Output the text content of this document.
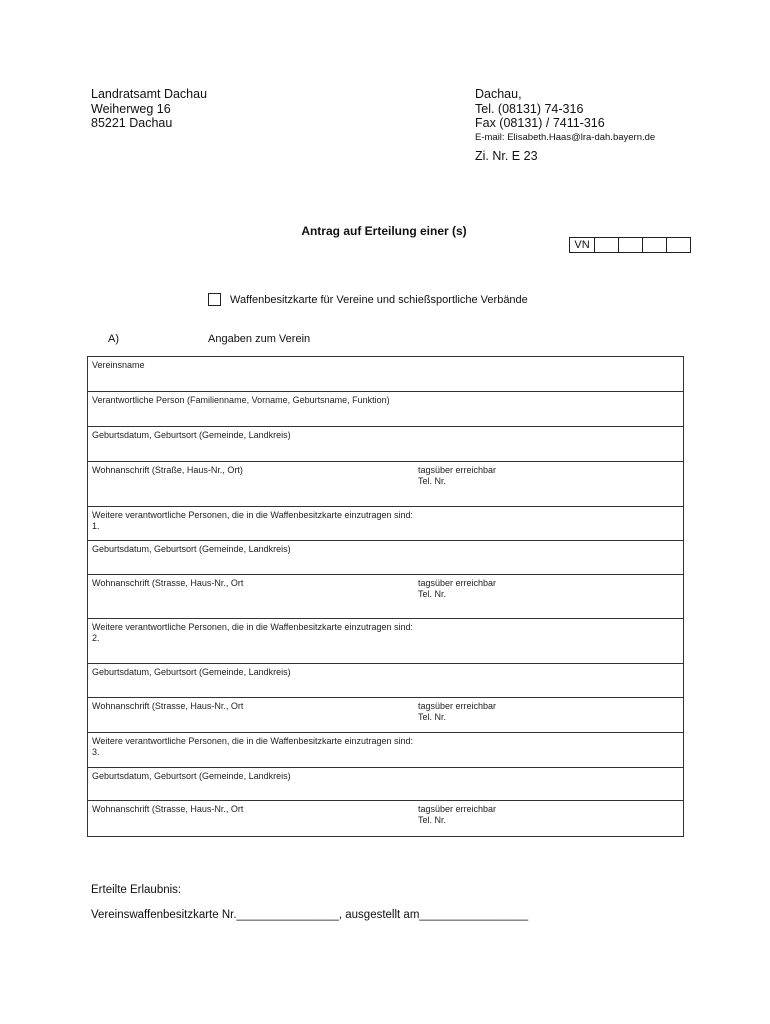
Landratsamt Dachau
Weiherweg 16
85221 Dachau
Dachau,
Tel. (08131) 74-316
Fax (08131) / 7411-316
E-mail: Elisabeth.Haas@lra-dah.bayern.de
Zi. Nr. E 23
Antrag auf Erteilung einer (s)
VN
Waffenbesitzkarte für Vereine und schießsportliche Verbände
A)	Angaben zum Verein
Vereinsname
Verantwortliche Person (Familienname, Vorname, Geburtsname, Funktion)
Geburtsdatum, Geburtsort (Gemeinde, Landkreis)
Wohnanschrift (Straße, Haus-Nr., Ort)	tagsüber erreichbar
Tel. Nr.
Weitere verantwortliche Personen, die in die Waffenbesitzkarte einzutragen sind:
1.
Geburtsdatum, Geburtsort (Gemeinde, Landkreis)
Wohnanschrift (Strasse, Haus-Nr., Ort	tagsüber erreichbar
Tel. Nr.
Weitere verantwortliche Personen, die in die Waffenbesitzkarte einzutragen sind:
2.
Geburtsdatum, Geburtsort (Gemeinde, Landkreis)
Wohnanschrift (Strasse, Haus-Nr., Ort	tagsüber erreichbar
Tel. Nr.
Weitere verantwortliche Personen, die in die Waffenbesitzkarte einzutragen sind:
3.
Geburtsdatum, Geburtsort (Gemeinde, Landkreis)
Wohnanschrift (Strasse, Haus-Nr., Ort	tagsüber erreichbar
Tel. Nr.
Erteilte Erlaubnis:
Vereinswaffenbesitzkarte Nr.________________, ausgestellt am_________________
